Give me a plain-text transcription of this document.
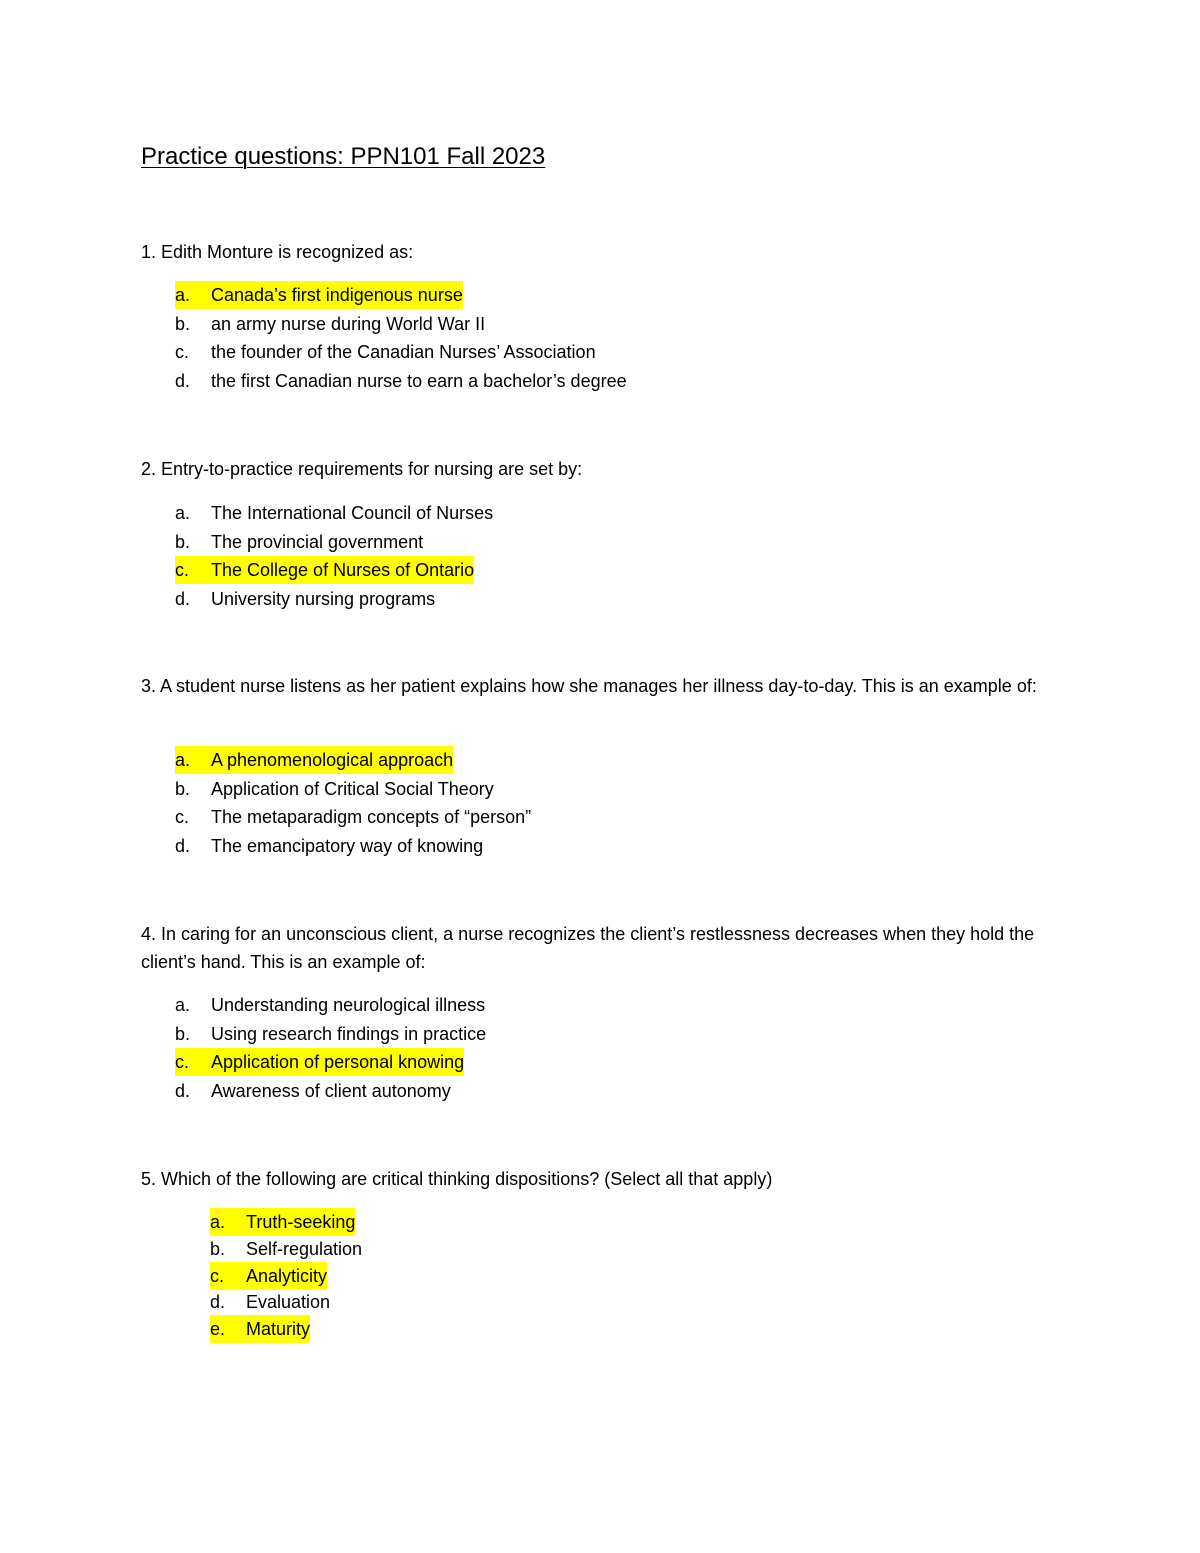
Practice questions: PPN101 Fall 2023
1. Edith Monture is recognized as:
a. Canada’s first indigenous nurse
b. an army nurse during World War II
c. the founder of the Canadian Nurses’ Association
d. the first Canadian nurse to earn a bachelor’s degree
2. Entry-to-practice requirements for nursing are set by:
a. The International Council of Nurses
b. The provincial government
c. The College of Nurses of Ontario
d. University nursing programs
3. A student nurse listens as her patient explains how she manages her illness day-to-day. This is an example of:
a. A phenomenological approach
b. Application of Critical Social Theory
c. The metaparadigm concepts of “person”
d. The emancipatory way of knowing
4. In caring for an unconscious client, a nurse recognizes the client’s restlessness decreases when they hold the client’s hand. This is an example of:
a. Understanding neurological illness
b. Using research findings in practice
c. Application of personal knowing
d. Awareness of client autonomy
5. Which of the following are critical thinking dispositions? (Select all that apply)
a. Truth-seeking
b. Self-regulation
c. Analyticity
d. Evaluation
e. Maturity
